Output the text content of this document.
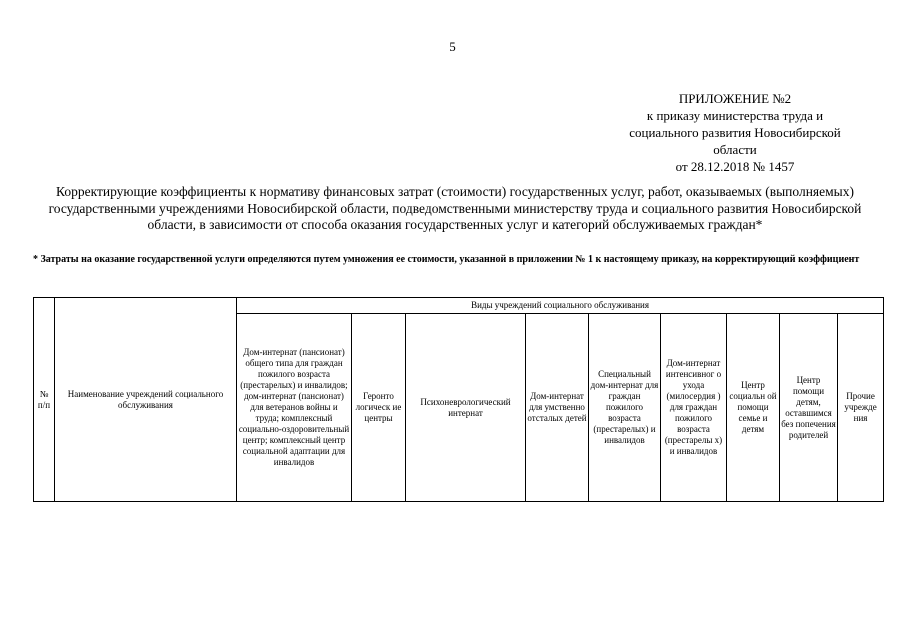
5
ПРИЛОЖЕНИЕ №2
к приказу министерства труда и
социального развития Новосибирской
области
от 28.12.2018 № 1457
Корректирующие коэффициенты к нормативу финансовых затрат (стоимости) государственных услуг, работ, оказываемых (выполняемых) государственными учреждениями Новосибирской области, подведомственными министерству труда и социального развития Новосибирской области, в зависимости от способа оказания государственных услуг и категорий обслуживаемых граждан*
* Затраты на оказание государственной услуги определяются путем умножения ее стоимости, указанной в приложении № 1 к настоящему приказу, на корректирующий коэффициент
№ п/п	Наименование учреждений социального обслуживания	Виды учреждений социального обслуживания								
		Дом-интернат (пансионат) общего типа для граждан пожилого возраста (престарелых) и инвалидов; дом-интернат (пансионат) для ветеранов войны и труда; комплексный социально-оздоровительный центр; комплексный центр социальной адаптации для инвалидов	Геронто логическ ие центры	Психоневрологический интернат	Дом-интернат для умственно отсталых детей	Специальный дом-интернат для граждан пожилого возраста (престарелых) и инвалидов	Дом-интернат интенсивног о ухода (милосердия ) для граждан пожилого возраста (престарелы х) и инвалидов	Центр социальн ой помощи семье и детям	Центр помощи детям, оставшимся без попечения родителей	Прочие учрежде ния
